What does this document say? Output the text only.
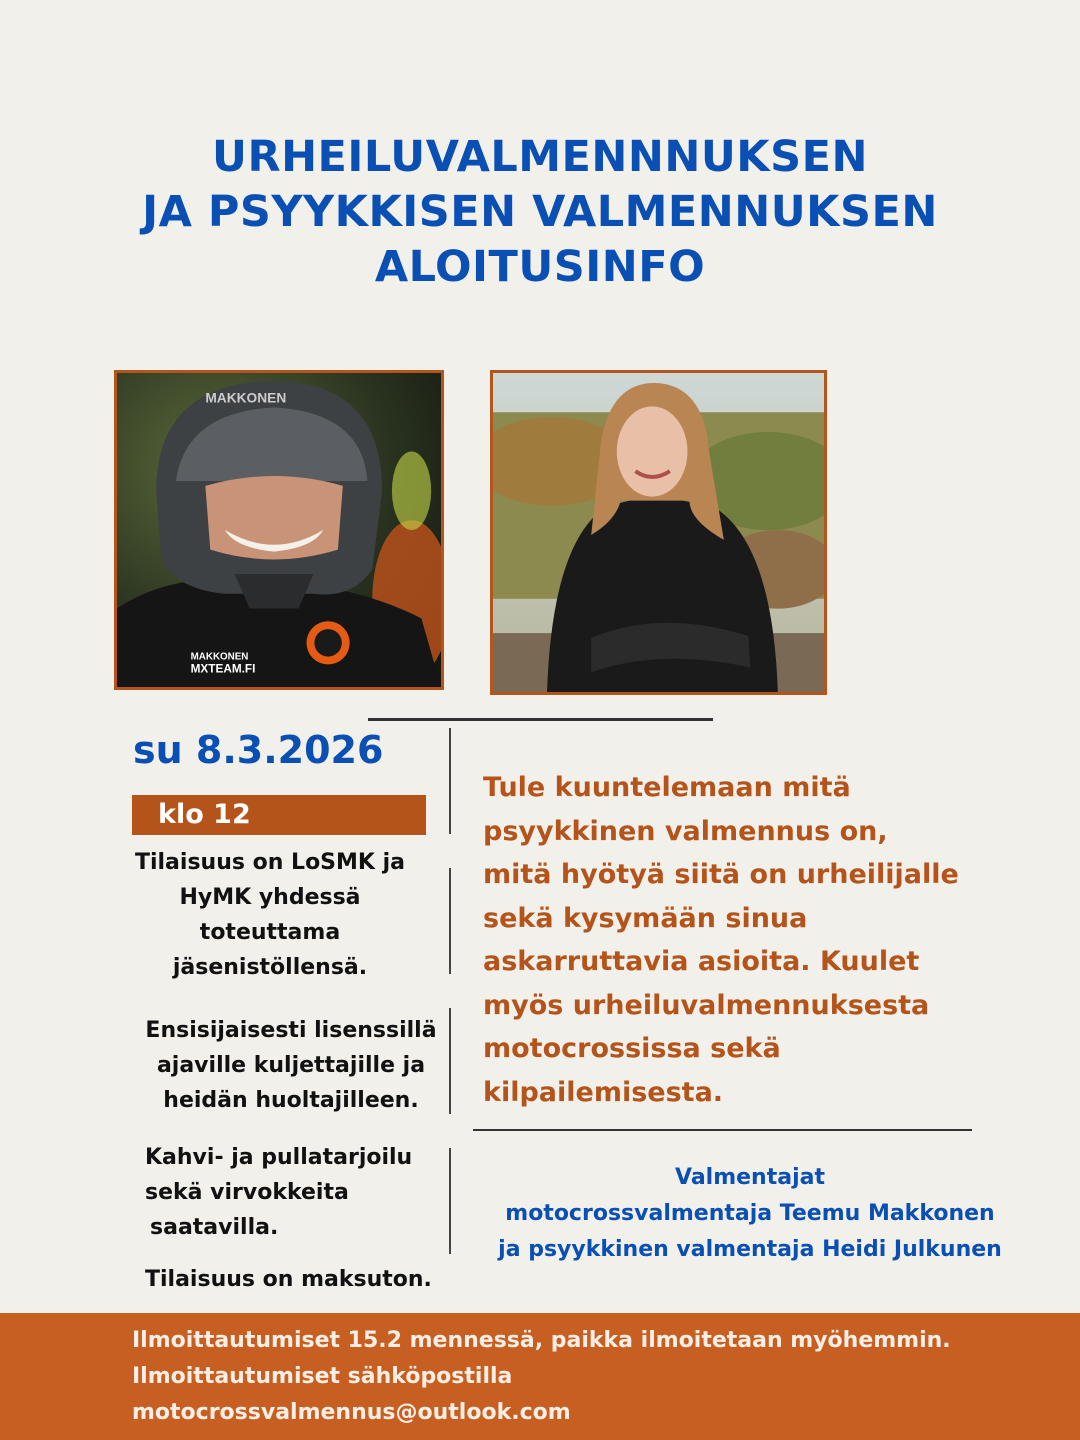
URHEILUVALMENNNUKSEN
JA PSYYKKISEN VALMENNUKSEN
ALOITUSINFO
MAKKONEN
MAKKONEN
MXTEAM.FI
su 8.3.2026
klo 12
Tilaisuus on LoSMK ja
HyMK yhdessä
toteuttama
jäsenistöllensä.
Ensisijaisesti lisenssillä
ajaville kuljettajille ja
heidän huoltajilleen.
Kahvi- ja pullatarjoilu
sekä virvokkeita
saatavilla.
Tilaisuus on maksuton.
Tule kuuntelemaan mitä
psyykkinen valmennus on,
mitä hyötyä siitä on urheilijalle
sekä kysymään sinua
askarruttavia asioita. Kuulet
myös urheiluvalmennuksesta
motocrossissa sekä
kilpailemisesta.
Valmentajat
motocrossvalmentaja Teemu Makkonen
ja psyykkinen valmentaja Heidi Julkunen
Ilmoittautumiset 15.2 mennessä, paikka ilmoitetaan myöhemmin.
Ilmoittautumiset sähköpostilla
motocrossvalmennus@outlook.com
